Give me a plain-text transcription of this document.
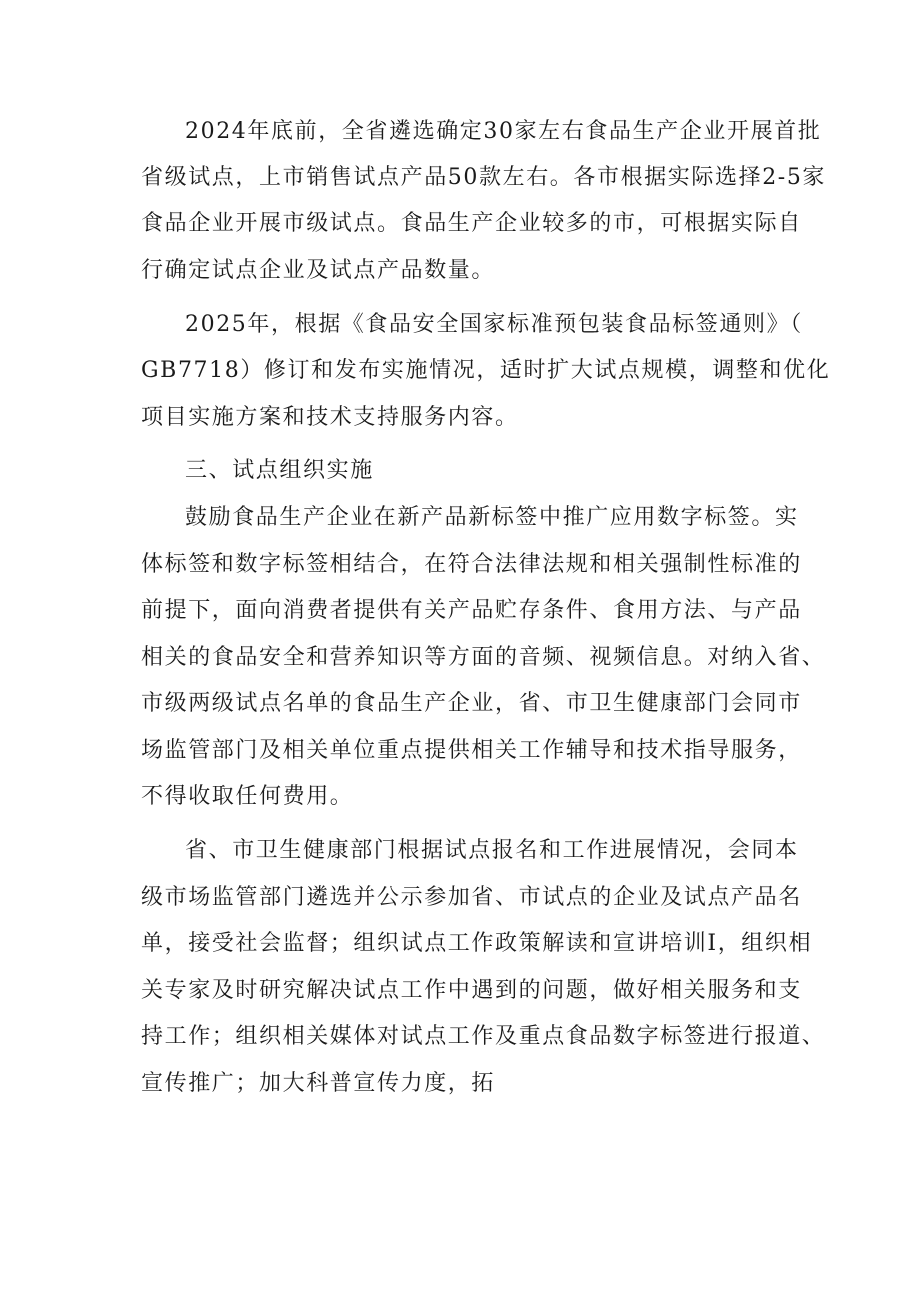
2024年底前，全省遴选确定30家左右食品生产企业开展首批
省级试点，上市销售试点产品50款左右。各市根据实际选择2-5家
食品企业开展市级试点。食品生产企业较多的市，可根据实际自
行确定试点企业及试点产品数量。
2025年，根据《食品安全国家标准预包装食品标签通则》（
GB7718）修订和发布实施情况，适时扩大试点规模，调整和优化
项目实施方案和技术支持服务内容。
三、试点组织实施
鼓励食品生产企业在新产品新标签中推广应用数字标签。实
体标签和数字标签相结合，在符合法律法规和相关强制性标准的
前提下，面向消费者提供有关产品贮存条件、食用方法、与产品
相关的食品安全和营养知识等方面的音频、视频信息。对纳入省、
市级两级试点名单的食品生产企业，省、市卫生健康部门会同市
场监管部门及相关单位重点提供相关工作辅导和技术指导服务，
不得收取任何费用。
省、市卫生健康部门根据试点报名和工作进展情况，会同本
级市场监管部门遴选并公示参加省、市试点的企业及试点产品名
单，接受社会监督；组织试点工作政策解读和宣讲培训I，组织相
关专家及时研究解决试点工作中遇到的问题，做好相关服务和支
持工作；组织相关媒体对试点工作及重点食品数字标签进行报道、
宣传推广；加大科普宣传力度，拓
